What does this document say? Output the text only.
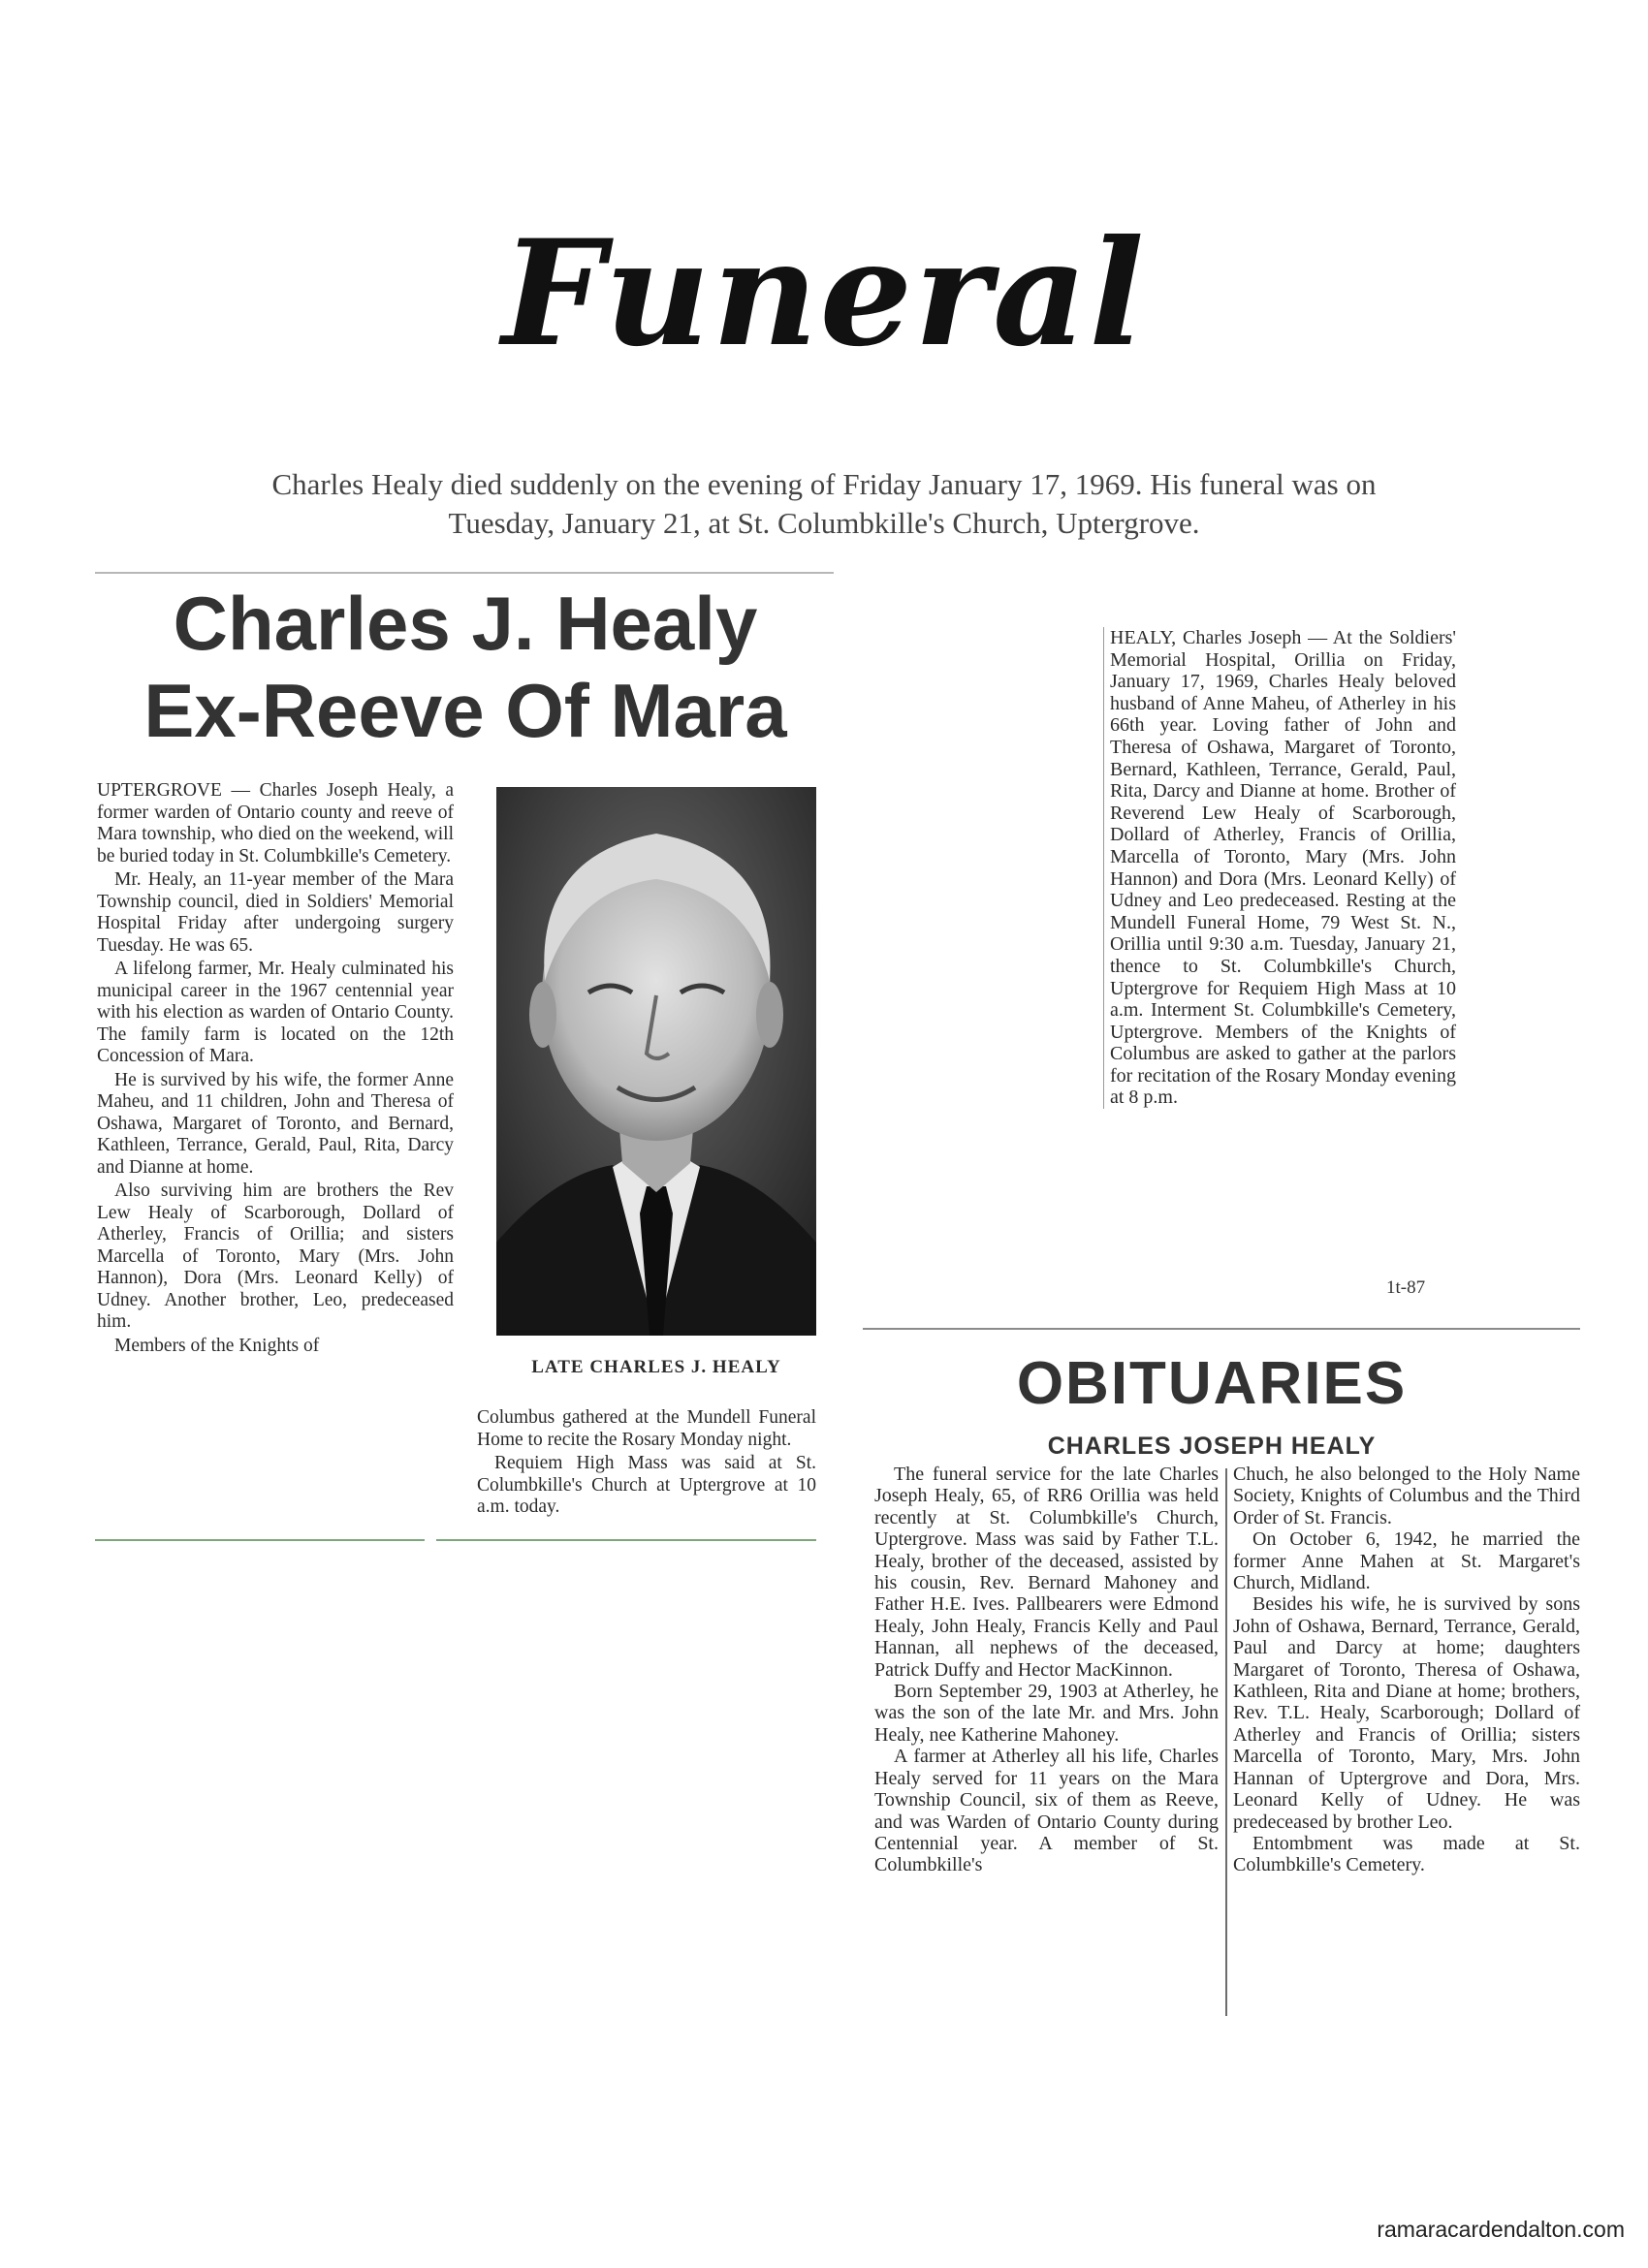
Funeral
Charles Healy died suddenly on the evening of Friday January 17, 1969. His funeral was on
Tuesday, January 21, at St. Columbkille's Church, Uptergrove.
Charles J. Healy
Ex-Reeve Of Mara

UPTERGROVE — Charles Joseph Healy, a former warden of Ontario county and reeve of Mara township, who died on the weekend, will be buried today in St. Columbkille's Cemetery.

Mr. Healy, an 11-year member of the Mara Township council, died in Soldiers' Memorial Hospital Friday after undergoing surgery Tuesday. He was 65.

A lifelong farmer, Mr. Healy culminated his municipal career in the 1967 centennial year with his election as warden of Ontario County. The family farm is located on the 12th Concession of Mara.

He is survived by his wife, the former Anne Maheu, and 11 children, John and Theresa of Oshawa, Margaret of Toronto, and Bernard, Kathleen, Terrance, Gerald, Paul, Rita, Darcy and Dianne at home.

Also surviving him are brothers the Rev Lew Healy of Scarborough, Dollard of Atherley, Francis of Orillia; and sisters Marcella of Toronto, Mary (Mrs. John Hannon), Dora (Mrs. Leonard Kelly) of Udney. Another brother, Leo, predeceased him.

Members of the Knights of

LATE CHARLES J. HEALY

Columbus gathered at the Mundell Funeral Home to recite the Rosary Monday night.

Requiem High Mass was said at St. Columbkille's Church at Uptergrove at 10 a.m. today.

HEALY, Charles Joseph — At the Soldiers' Memorial Hospital, Orillia on Friday, January 17, 1969, Charles Healy beloved husband of Anne Maheu, of Atherley in his 66th year. Loving father of John and Theresa of Oshawa, Margaret of Toronto, Bernard, Kathleen, Terrance, Gerald, Paul, Rita, Darcy and Dianne at home. Brother of Reverend Lew Healy of Scarborough, Dollard of Atherley, Francis of Orillia, Marcella of Toronto, Mary (Mrs. John Hannon) and Dora (Mrs. Leonard Kelly) of Udney and Leo predeceased. Resting at the Mundell Funeral Home, 79 West St. N., Orillia until 9:30 a.m. Tuesday, January 21, thence to St. Columbkille's Church, Uptergrove for Requiem High Mass at 10 a.m. Interment St. Columbkille's Cemetery, Uptergrove. Members of the Knights of Columbus are asked to gather at the parlors for recitation of the Rosary Monday evening at 8 p.m.
1t-87
OBITUARIES
CHARLES JOSEPH HEALY

The funeral service for the late Charles Joseph Healy, 65, of RR6 Orillia was held recently at St. Columbkille's Church, Uptergrove. Mass was said by Father T.L. Healy, brother of the deceased, assisted by his cousin, Rev. Bernard Mahoney and Father H.E. Ives. Pallbearers were Edmond Healy, John Healy, Francis Kelly and Paul Hannan, all nephews of the deceased, Patrick Duffy and Hector MacKinnon.

Born September 29, 1903 at Atherley, he was the son of the late Mr. and Mrs. John Healy, nee Katherine Mahoney.

A farmer at Atherley all his life, Charles Healy served for 11 years on the Mara Township Council, six of them as Reeve, and was Warden of Ontario County during Centennial year. A member of St. Columbkille's

Chuch, he also belonged to the Holy Name Society, Knights of Columbus and the Third Order of St. Francis.

On October 6, 1942, he married the former Anne Mahen at St. Margaret's Church, Midland.

Besides his wife, he is survived by sons John of Oshawa, Bernard, Terrance, Gerald, Paul and Darcy at home; daughters Margaret of Toronto, Theresa of Oshawa, Kathleen, Rita and Diane at home; brothers, Rev. T.L. Healy, Scarborough; Dollard of Atherley and Francis of Orillia; sisters Marcella of Toronto, Mary, Mrs. John Hannan of Uptergrove and Dora, Mrs. Leonard Kelly of Udney. He was predeceased by brother Leo.

Entombment was made at St. Columbkille's Cemetery.

ramaracardendalton.com
